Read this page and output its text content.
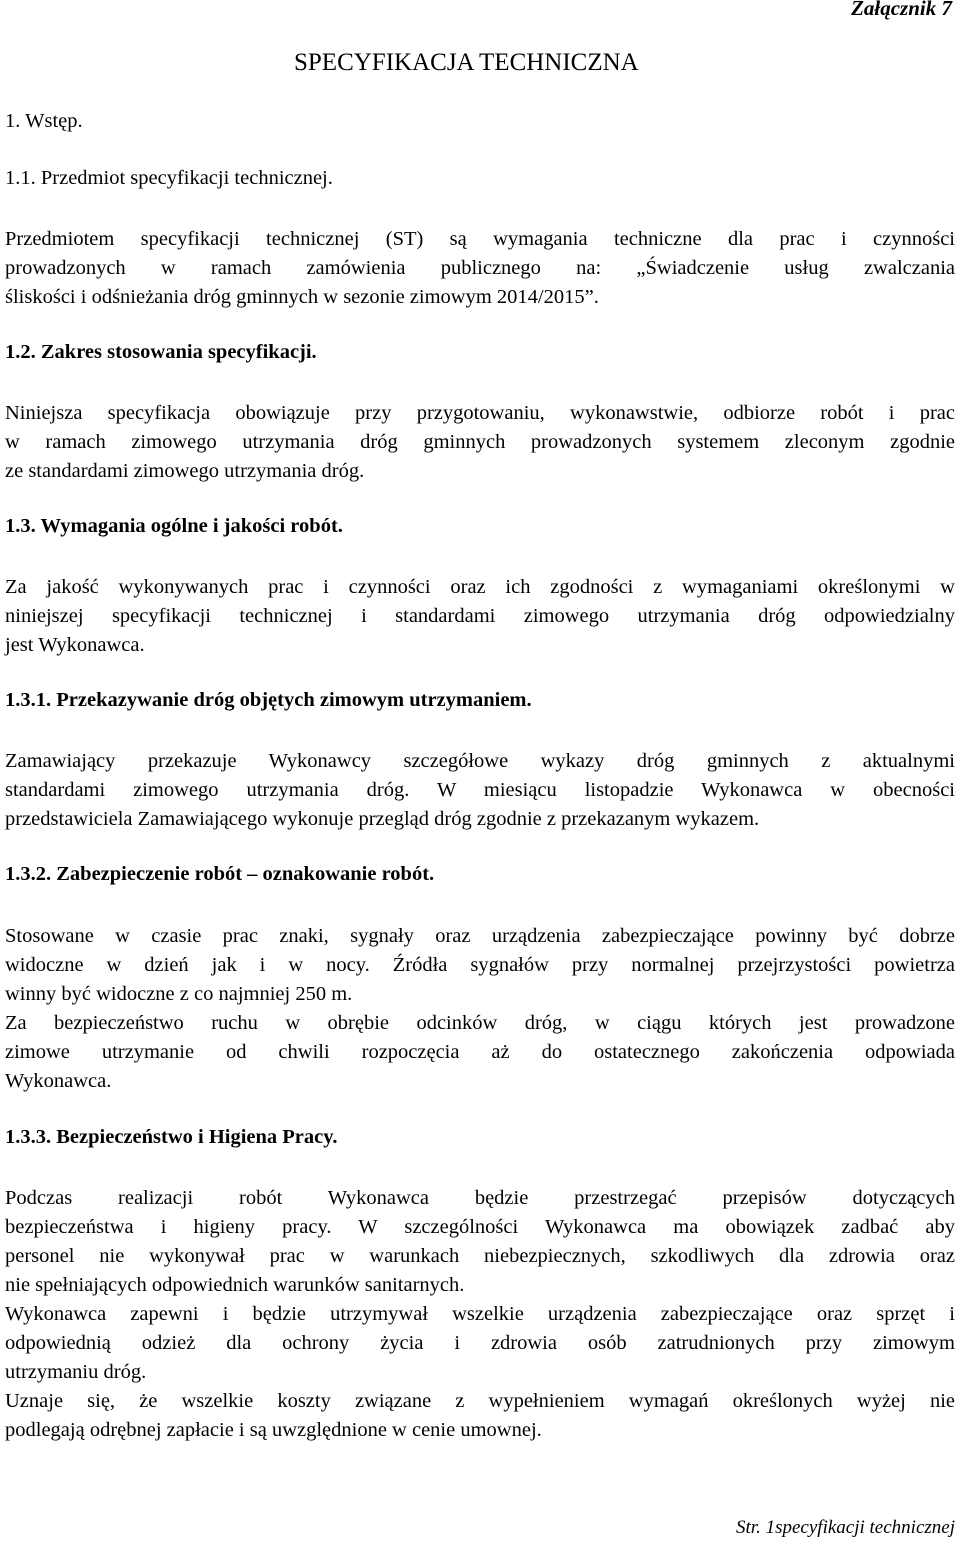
Załącznik 7
SPECYFIKACJA TECHNICZNA
1. Wstęp.
1.1. Przedmiot specyfikacji technicznej.
Przedmiotem specyfikacji technicznej (ST) są wymagania techniczne dla prac i czynności
prowadzonych w ramach zamówienia publicznego na: „Świadczenie usług zwalczania
śliskości i odśnieżania dróg gminnych w sezonie zimowym 2014/2015”.
1.2. Zakres stosowania specyfikacji.
Niniejsza specyfikacja obowiązuje przy przygotowaniu, wykonawstwie, odbiorze robót i prac
w ramach zimowego utrzymania dróg gminnych prowadzonych systemem zleconym zgodnie
ze standardami zimowego utrzymania dróg.
1.3. Wymagania ogólne i jakości robót.
Za jakość wykonywanych prac i czynności oraz ich zgodności z wymaganiami określonymi w
niniejszej specyfikacji technicznej i standardami zimowego utrzymania dróg odpowiedzialny
jest Wykonawca.
1.3.1. Przekazywanie dróg objętych zimowym utrzymaniem.
Zamawiający przekazuje Wykonawcy szczegółowe wykazy dróg gminnych z aktualnymi
standardami zimowego utrzymania dróg. W miesiącu listopadzie Wykonawca w obecności
przedstawiciela Zamawiającego wykonuje przegląd dróg zgodnie z przekazanym wykazem.
1.3.2. Zabezpieczenie robót – oznakowanie robót.
Stosowane w czasie prac znaki, sygnały oraz urządzenia zabezpieczające powinny być dobrze
widoczne w dzień jak i w nocy. Źródła sygnałów przy normalnej przejrzystości powietrza
winny być widoczne z co najmniej 250 m.
Za bezpieczeństwo ruchu w obrębie odcinków dróg, w ciągu których jest prowadzone
zimowe utrzymanie od chwili rozpoczęcia aż do ostatecznego zakończenia odpowiada
Wykonawca.
1.3.3. Bezpieczeństwo i Higiena Pracy.
Podczas realizacji robót Wykonawca będzie przestrzegać przepisów dotyczących
bezpieczeństwa i higieny pracy. W szczególności Wykonawca ma obowiązek zadbać aby
personel nie wykonywał prac w warunkach niebezpiecznych, szkodliwych dla zdrowia oraz
nie spełniających odpowiednich warunków sanitarnych.
Wykonawca zapewni i będzie utrzymywał wszelkie urządzenia zabezpieczające oraz sprzęt i
odpowiednią odzież dla ochrony życia i zdrowia osób zatrudnionych przy zimowym
utrzymaniu dróg.
Uznaje się, że wszelkie koszty związane z wypełnieniem wymagań określonych wyżej nie
podlegają odrębnej zapłacie i są uwzględnione w cenie umownej.
Str. 1specyfikacji technicznej
